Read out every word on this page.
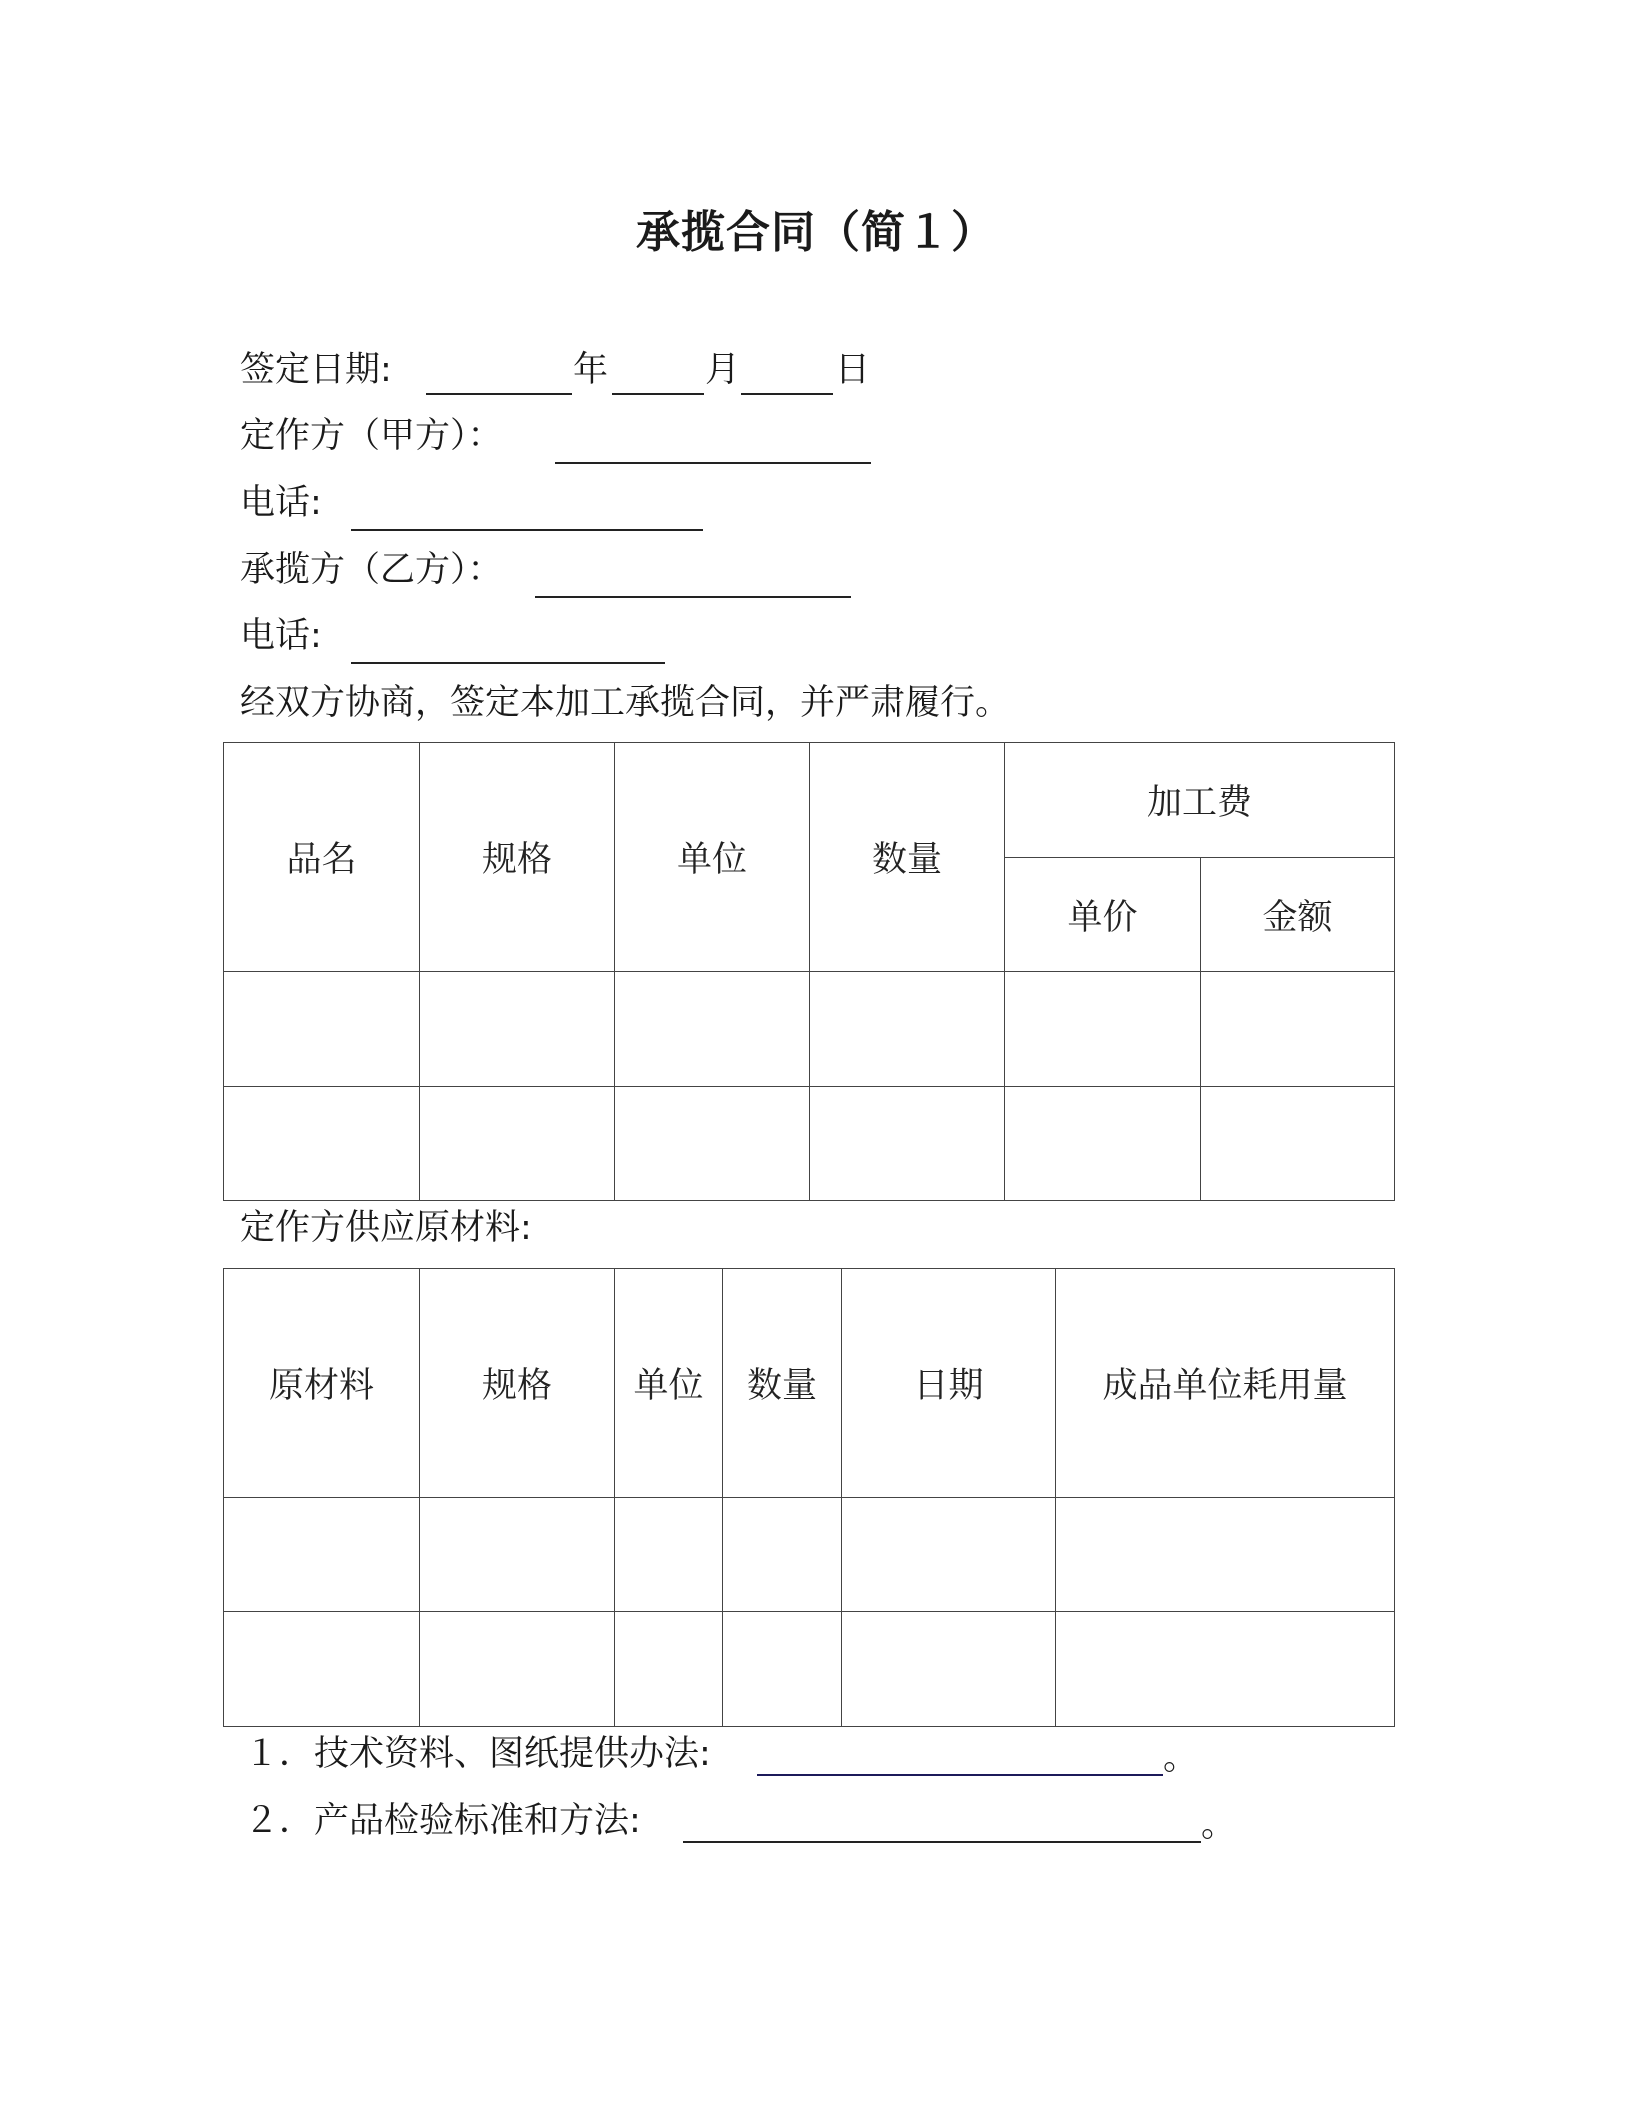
承揽合同（简１）
签定日期:	年	月	日
定作方（甲方）：
电话:
承揽方（乙方）：
电话:
经双方协商，签定本加工承揽合同，并严肃履行。
品名	规格	单位	数量	加工费	
				单价	金额

定作方供应原材料:
原材料	规格	单位	数量	日期	成品单位耗用量

１．技术资料、图纸提供办法:	。
２．产品检验标准和方法:	。
